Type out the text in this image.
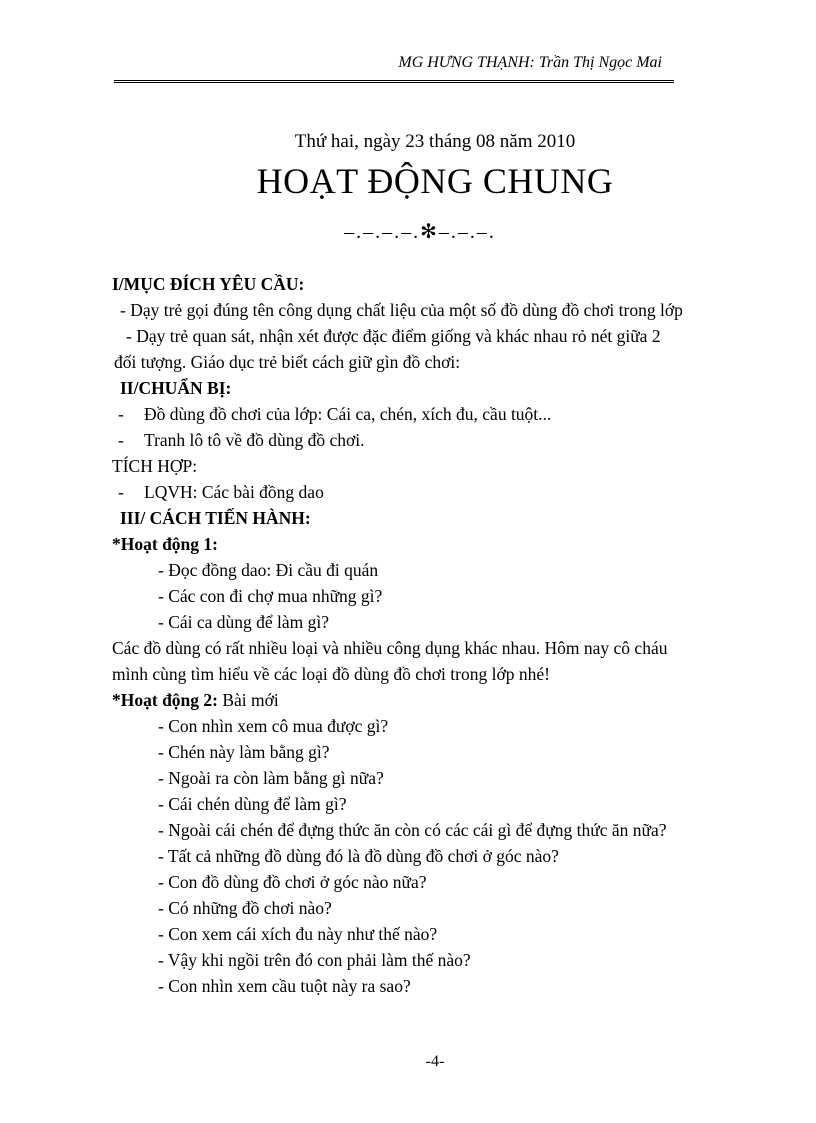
MG HƯNG THẠNH: Trần Thị Ngọc Mai
Thứ hai, ngày 23 tháng 08 năm 2010
HOẠT ĐỘNG CHUNG
–.–.–.–.✻–.–.–.
I/MỤC ĐÍCH YÊU CẦU:
- Dạy trẻ gọi đúng tên công dụng chất liệu của một số đồ dùng đồ chơi trong lớp
- Dạy trẻ quan sát, nhận xét được đặc điểm giống và khác nhau rỏ nét giữa 2
đối tượng. Giáo dục trẻ biết cách giữ gìn đồ chơi:
II/CHUẨN BỊ:
- Đồ dùng đồ chơi của lớp: Cái ca, chén, xích đu, cầu tuột...
- Tranh lô tô về đồ dùng đồ chơi.
TÍCH HỢP:
- LQVH: Các bài đồng dao
III/ CÁCH TIẾN HÀNH:
*Hoạt động 1:
- Đọc đồng dao: Đi cầu đi quán
- Các con đi chợ mua những gì?
- Cái ca dùng để làm gì?
Các đồ dùng có rất nhiều loại và nhiều công dụng khác nhau. Hôm nay cô cháu
mình cùng tìm hiểu về các loại đồ dùng đồ chơi trong lớp nhé!
*Hoạt động 2: Bài mới
- Con nhìn xem cô mua được gì?
- Chén này làm bằng gì?
- Ngoài ra còn làm bằng gì nữa?
- Cái chén dùng để làm gì?
- Ngoài cái chén để đựng thức ăn còn có các cái gì để đựng thức ăn nữa?
- Tất cả những đồ dùng đó là đồ dùng đồ chơi ở góc nào?
- Con đồ dùng đồ chơi ở góc nào nữa?
- Có những đồ chơi nào?
- Con xem cái xích đu này như thế nào?
- Vậy khi ngồi trên đó con phải làm thế nào?
- Con nhìn xem cầu tuột này ra sao?
-4-
